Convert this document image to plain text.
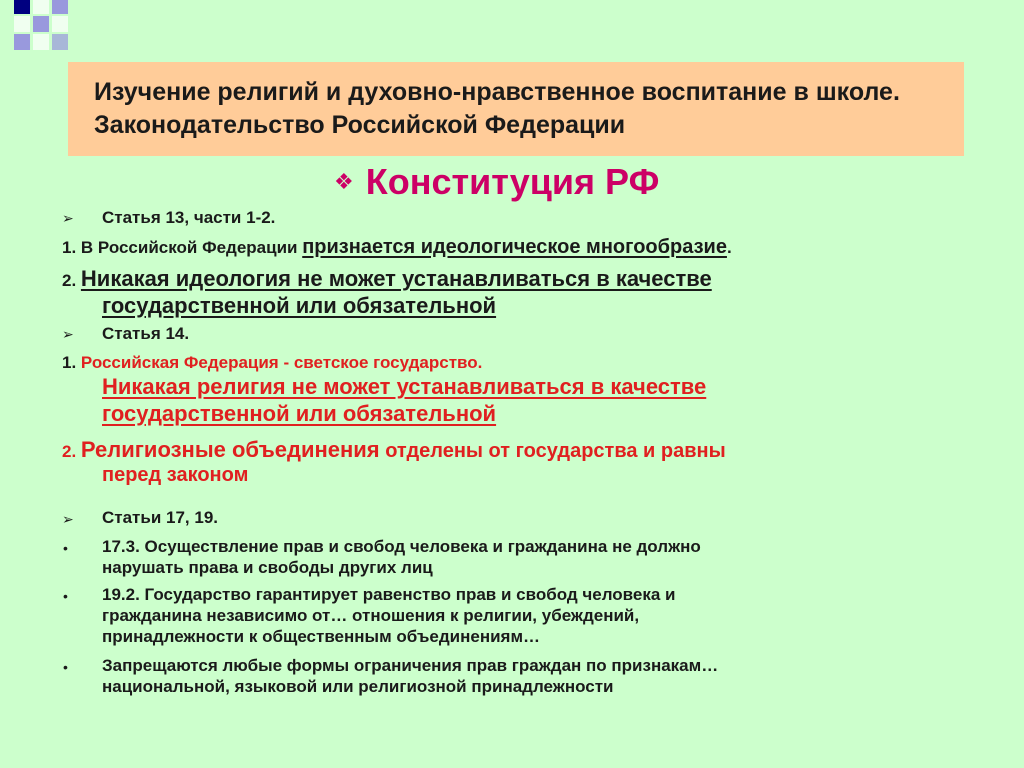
Изучение религий и духовно-нравственное воспитание в школе. Законодательство Российской Федерации
❖ Конституция РФ
➢ Статья 13, части 1-2.
1. В Российской Федерации признается идеологическое многообразие.
2. Никакая идеология не может устанавливаться в качестве
государственной или обязательной
➢ Статья 14.
1. Российская Федерация - светское государство.
Никакая религия не может устанавливаться в качестве
государственной или обязательной
2. Религиозные объединения отделены от государства и равны
перед законом
➢ Статьи 17, 19.
• 17.3. Осуществление прав и свобод человека и гражданина не должно
нарушать права и свободы других лиц
• 19.2. Государство гарантирует равенство прав и свобод человека и
гражданина независимо от… отношения к религии, убеждений,
принадлежности к общественным объединениям…
• Запрещаются любые формы ограничения прав граждан по признакам…
национальной, языковой или религиозной принадлежности
